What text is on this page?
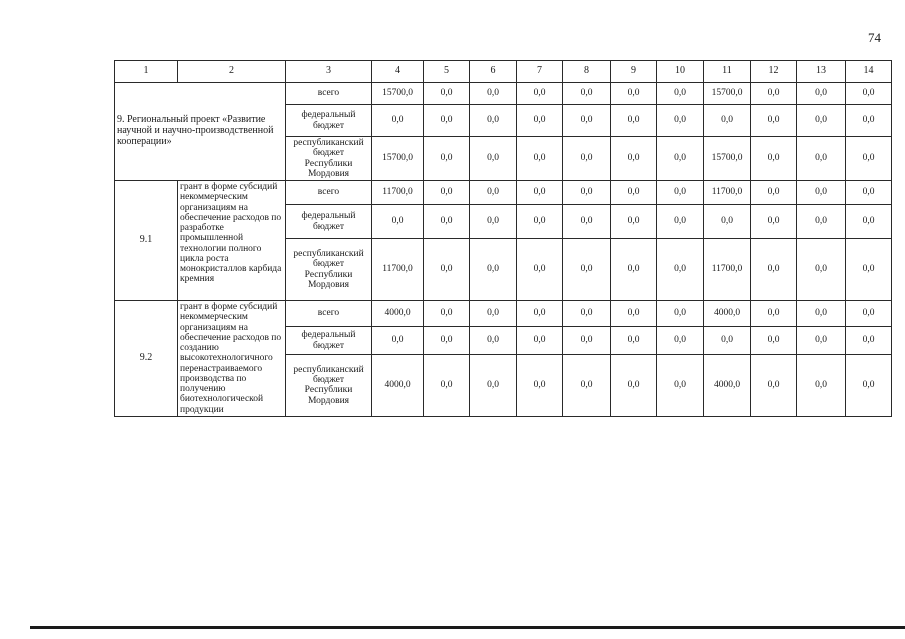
74
1	2	3	4	5	6	7	8	9	10	11	12	13	14
9. Региональный проект «Развитие научной и научно-производственной кооперации»		всего	15700,0	0,0	0,0	0,0	0,0	0,0	0,0	15700,0	0,0	0,0	0,0
		федеральный бюджет	0,0	0,0	0,0	0,0	0,0	0,0	0,0	0,0	0,0	0,0	0,0
		республиканский бюджет Республики Мордовия	15700,0	0,0	0,0	0,0	0,0	0,0	0,0	15700,0	0,0	0,0	0,0
9.1	грант в форме субсидий некоммерческим организациям на обеспечение расходов по разработке промышленной технологии полного цикла роста монокристаллов карбида кремния	всего	11700,0	0,0	0,0	0,0	0,0	0,0	0,0	11700,0	0,0	0,0	0,0
		федеральный бюджет	0,0	0,0	0,0	0,0	0,0	0,0	0,0	0,0	0,0	0,0	0,0
		республиканский бюджет Республики Мордовия	11700,0	0,0	0,0	0,0	0,0	0,0	0,0	11700,0	0,0	0,0	0,0
9.2	грант в форме субсидий некоммерческим организациям на обеспечение расходов по созданию высокотехнологичного перенастраиваемого производства по получению биотехнологической продукции	всего	4000,0	0,0	0,0	0,0	0,0	0,0	0,0	4000,0	0,0	0,0	0,0
		федеральный бюджет	0,0	0,0	0,0	0,0	0,0	0,0	0,0	0,0	0,0	0,0	0,0
		республиканский бюджет Республики Мордовия	4000,0	0,0	0,0	0,0	0,0	0,0	0,0	4000,0	0,0	0,0	0,0
